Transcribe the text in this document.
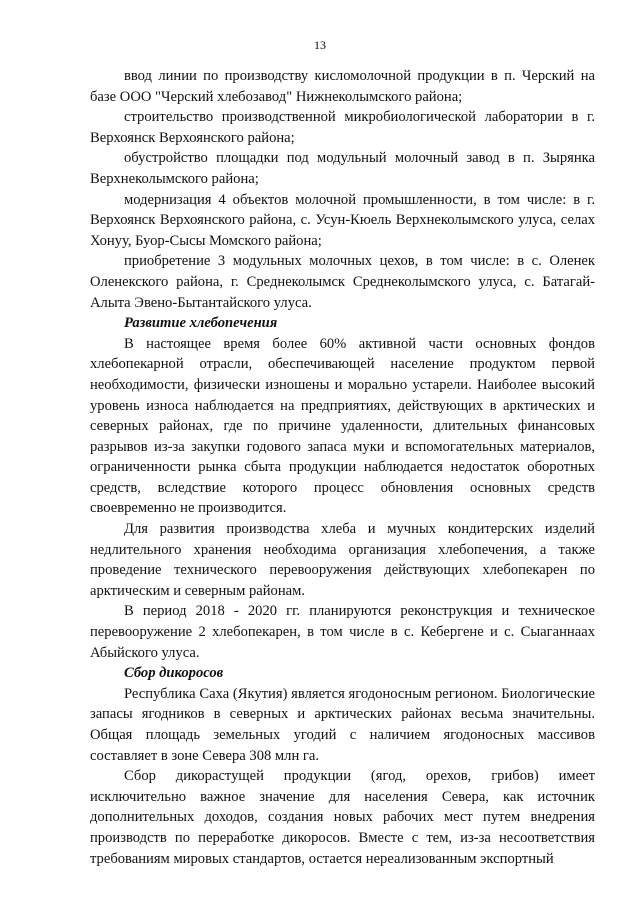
13

ввод линии по производству кисломолочной продукции в п. Черский на базе ООО "Черский хлебозавод" Нижнеколымского района;

строительство производственной микробиологической лаборатории в г. Верхоянск Верхоянского района;

обустройство площадки под модульный молочный завод в п. Зырянка Верхнеколымского района;

модернизация 4 объектов молочной промышленности, в том числе: в г. Верхоянск Верхоянского района, с. Усун-Кюель Верхнеколымского улуса, селах Хонуу, Буор-Сысы Момского района;

приобретение 3 модульных молочных цехов, в том числе: в с. Оленек Оленекского района, г. Среднеколымск Среднеколымского улуса, с. Батагай-Алыта Эвено-Бытантайского улуса.

Развитие хлебопечения

В настоящее время более 60% активной части основных фондов хлебопекарной отрасли, обеспечивающей население продуктом первой необходимости, физически изношены и морально устарели. Наиболее высокий уровень износа наблюдается на предприятиях, действующих в арктических и северных районах, где по причине удаленности, длительных финансовых разрывов из-за закупки годового запаса муки и вспомогательных материалов, ограниченности рынка сбыта продукции наблюдается недостаток оборотных средств, вследствие которого процесс обновления основных средств своевременно не производится.

Для развития производства хлеба и мучных кондитерских изделий недлительного хранения необходима организация хлебопечения, а также проведение технического перевооружения действующих хлебопекарен по арктическим и северным районам.

В период 2018 - 2020 гг. планируются реконструкция и техническое перевооружение 2 хлебопекарен, в том числе в с. Кебергене и с. Сыаганнаах Абыйского улуса.

Сбор дикоросов

Республика Саха (Якутия) является ягодоносным регионом. Биологические запасы ягодников в северных и арктических районах весьма значительны. Общая площадь земельных угодий с наличием ягодоносных массивов составляет в зоне Севера 308 млн га.

Сбор дикорастущей продукции (ягод, орехов, грибов) имеет исключительно важное значение для населения Севера, как источник дополнительных доходов, создания новых рабочих мест путем внедрения производств по переработке дикоросов. Вместе с тем, из-за несоответствия требованиям мировых стандартов, остается нереализованным экспортный
